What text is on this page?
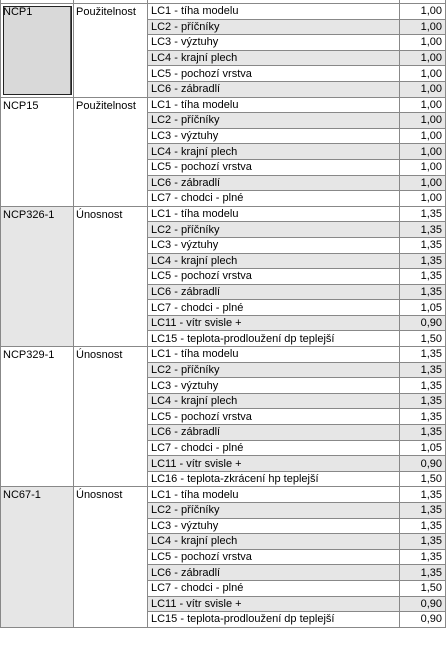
NCP1	Použitelnost	LC1 - tíha modelu	1,00
		LC2 - příčníky	1,00
		LC3 - výztuhy	1,00
		LC4 - krajní plech	1,00
		LC5 - pochozí vrstva	1,00
		LC6 - zábradlí	1,00
NCP15	Použitelnost	LC1 - tíha modelu	1,00
		LC2 - příčníky	1,00
		LC3 - výztuhy	1,00
		LC4 - krajní plech	1,00
		LC5 - pochozí vrstva	1,00
		LC6 - zábradlí	1,00
		LC7 - chodci - plné	1,00
NCP326-1	Únosnost	LC1 - tíha modelu	1,35
		LC2 - příčníky	1,35
		LC3 - výztuhy	1,35
		LC4 - krajní plech	1,35
		LC5 - pochozí vrstva	1,35
		LC6 - zábradlí	1,35
		LC7 - chodci - plné	1,05
		LC11 - vítr svisle +	0,90
		LC15 - teplota-prodloužení dp teplejší	1,50
NCP329-1	Únosnost	LC1 - tíha modelu	1,35
		LC2 - příčníky	1,35
		LC3 - výztuhy	1,35
		LC4 - krajní plech	1,35
		LC5 - pochozí vrstva	1,35
		LC6 - zábradlí	1,35
		LC7 - chodci - plné	1,05
		LC11 - vítr svisle +	0,90
		LC16 - teplota-zkrácení hp teplejší	1,50
NC67-1	Únosnost	LC1 - tíha modelu	1,35
		LC2 - příčníky	1,35
		LC3 - výztuhy	1,35
		LC4 - krajní plech	1,35
		LC5 - pochozí vrstva	1,35
		LC6 - zábradlí	1,35
		LC7 - chodci - plné	1,50
		LC11 - vítr svisle +	0,90
		LC15 - teplota-prodloužení dp teplejší	0,90
